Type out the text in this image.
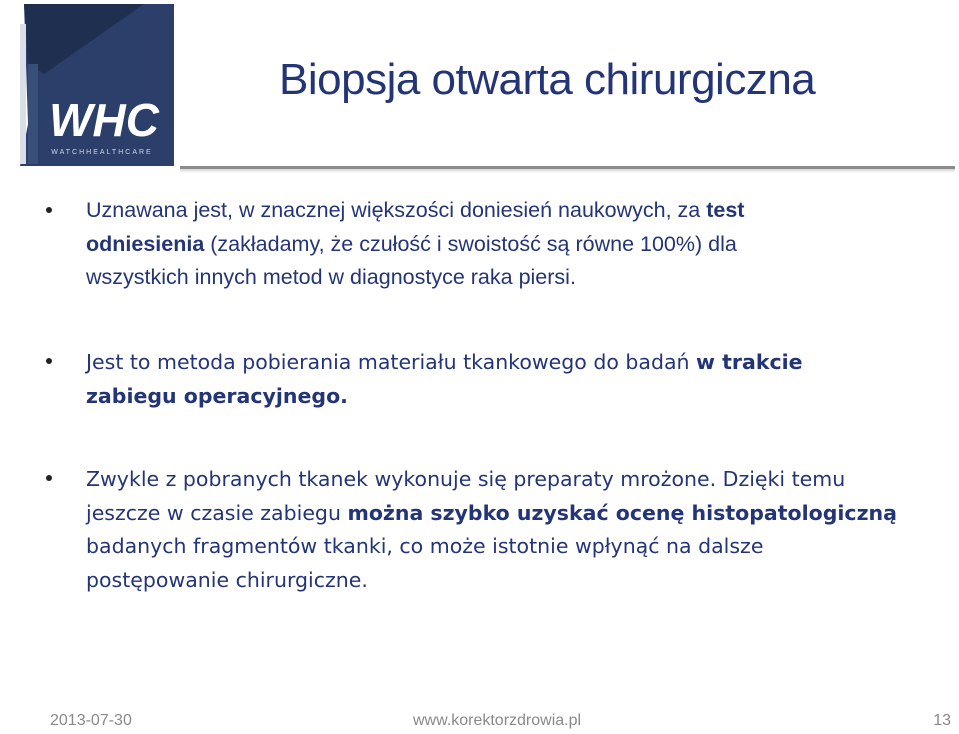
WHC
WATCHHEALTHCARE
Biopsja otwarta chirurgiczna
Uznawana jest, w znacznej większości doniesień naukowych, za test
odniesienia (zakładamy, że czułość i swoistość są równe 100%) dla
wszystkich innych metod w diagnostyce raka piersi.
Jest to metoda pobierania materiału tkankowego do badań w trakcie
zabiegu operacyjnego.
Zwykle z pobranych tkanek wykonuje się preparaty mrożone. Dzięki temu
jeszcze w czasie zabiegu można szybko uzyskać ocenę histopatologiczną
badanych fragmentów tkanki, co może istotnie wpłynąć na dalsze
postępowanie chirurgiczne.
2013-07-30	www.korektorzdrowia.pl	13
